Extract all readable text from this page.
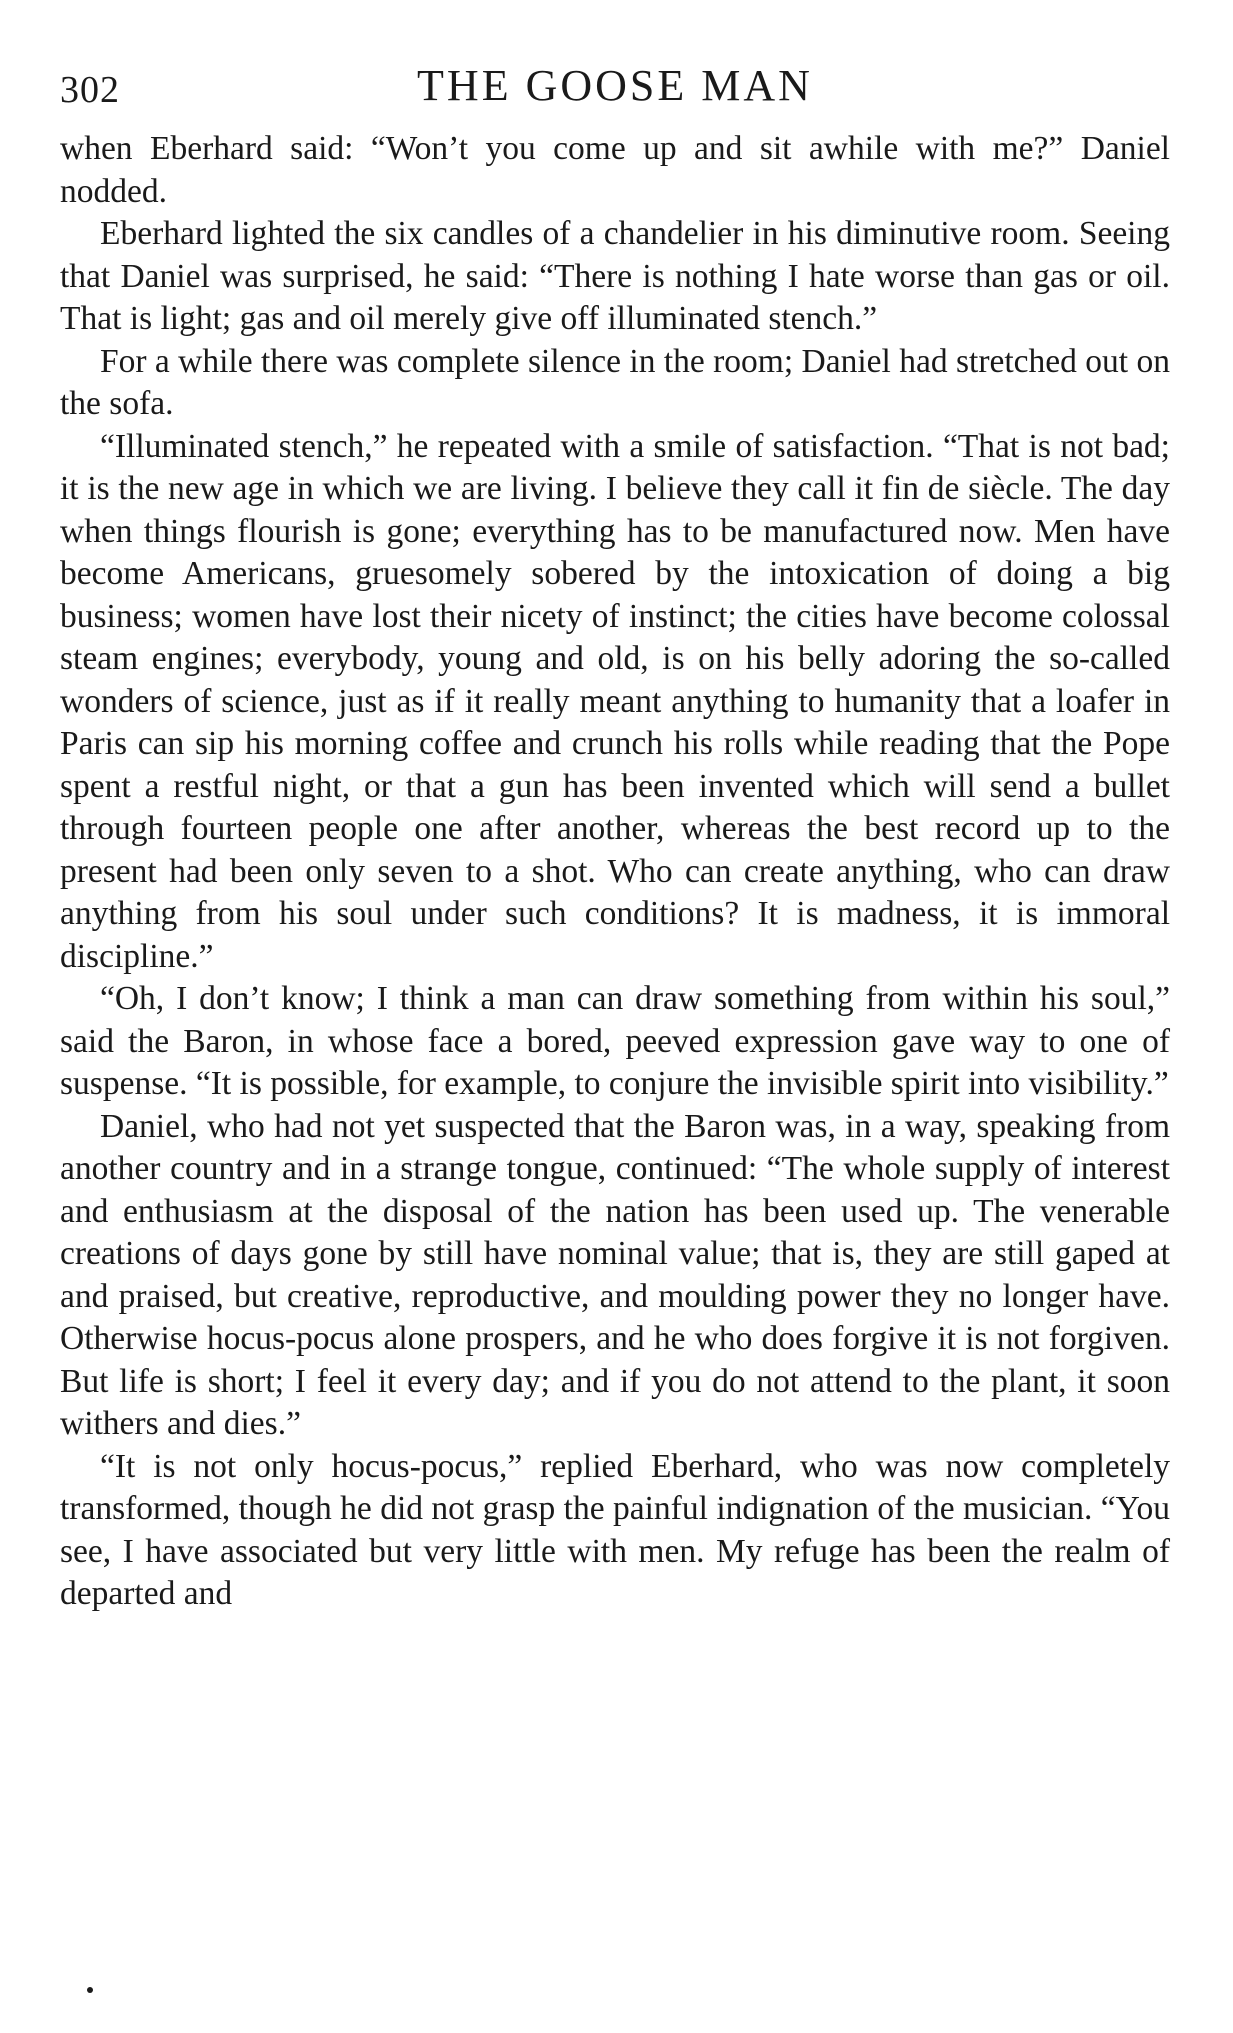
302	THE GOOSE MAN

when Eberhard said: “Won’t you come up and sit awhile with me?” Daniel nodded.

Eberhard lighted the six candles of a chandelier in his diminutive room. Seeing that Daniel was surprised, he said: “There is nothing I hate worse than gas or oil. That is light; gas and oil merely give off illuminated stench.”

For a while there was complete silence in the room; Daniel had stretched out on the sofa.

“Illuminated stench,” he repeated with a smile of satisfaction. “That is not bad; it is the new age in which we are living. I believe they call it fin de siècle. The day when things flourish is gone; everything has to be manufactured now. Men have become Americans, gruesomely sobered by the intoxication of doing a big business; women have lost their nicety of instinct; the cities have become colossal steam engines; everybody, young and old, is on his belly adoring the so-called wonders of science, just as if it really meant anything to humanity that a loafer in Paris can sip his morning coffee and crunch his rolls while reading that the Pope spent a restful night, or that a gun has been invented which will send a bullet through fourteen people one after another, whereas the best record up to the present had been only seven to a shot. Who can create anything, who can draw anything from his soul under such conditions? It is madness, it is immoral discipline.”

“Oh, I don’t know; I think a man can draw something from within his soul,” said the Baron, in whose face a bored, peeved expression gave way to one of suspense. “It is possible, for example, to conjure the invisible spirit into visibility.”

Daniel, who had not yet suspected that the Baron was, in a way, speaking from another country and in a strange tongue, continued: “The whole supply of interest and enthusiasm at the disposal of the nation has been used up. The venerable creations of days gone by still have nominal value; that is, they are still gaped at and praised, but creative, reproductive, and moulding power they no longer have. Otherwise hocus-pocus alone prospers, and he who does forgive it is not forgiven. But life is short; I feel it every day; and if you do not attend to the plant, it soon withers and dies.”

“It is not only hocus-pocus,” replied Eberhard, who was now completely transformed, though he did not grasp the painful indignation of the musician. “You see, I have associated but very little with men. My refuge has been the realm of departed and
